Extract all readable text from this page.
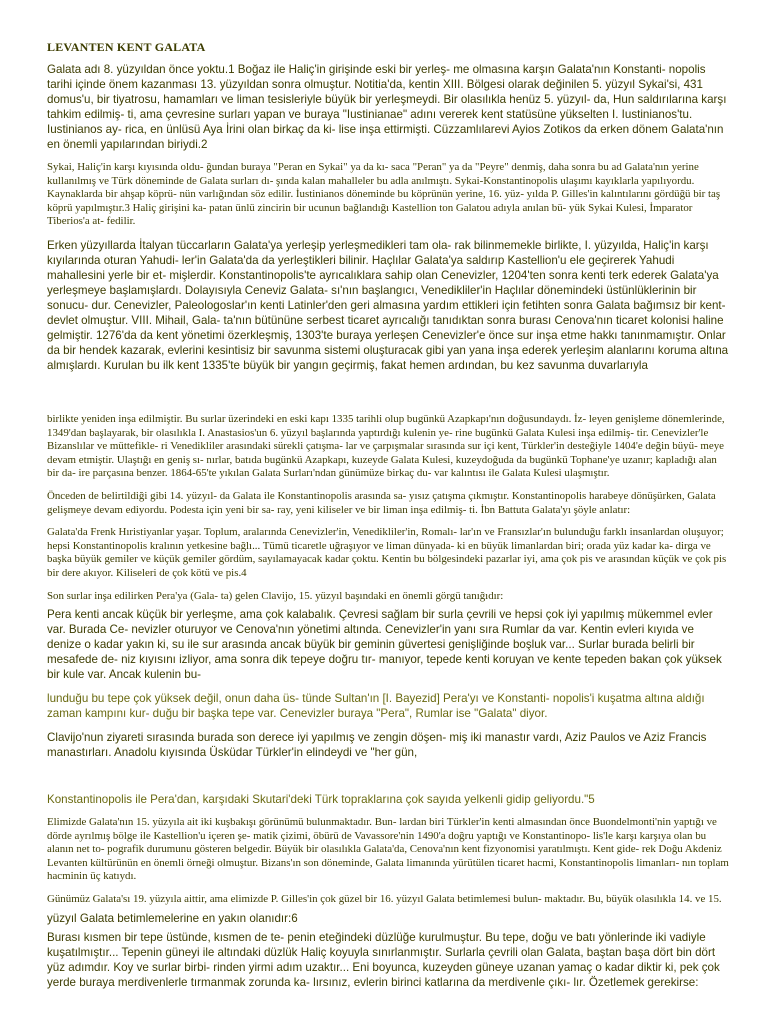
LEVANTEN KENT GALATA

Galata adı 8. yüzyıldan önce yoktu.1 Boğaz ile Haliç'in girişinde eski bir yerleş- me olmasına karşın Galata'nın Konstanti- nopolis tarihi içinde önem kazanması 13. yüzyıldan sonra olmuştur. Notitia'da, kentin XIII. Bölgesi olarak değinilen 5. yüzyıl Sykai'si, 431 domus'u, bir tiyatrosu, hamamları ve liman tesisleriyle büyük bir yerleşmeydi. Bir olasılıkla henüz 5. yüzyıl- da, Hun saldırılarına karşı tahkim edilmiş- ti, ama çevresine surları yapan ve buraya "Iustinianae" adını vererek kent statüsüne yükselten I. Iustinianos'tu. Iustinianos ay- rica, en ünlüsü Aya İrini olan birkaç da ki- lise inşa ettirmişti. Cüzzamlılarevi Ayios Zotikos da erken dönem Galata'nın en önemli yapılarından biriydi.2

Sykai, Haliç'in karşı kıyısında oldu- ğundan buraya "Peran en Sykai" ya da kı- saca "Peran" ya da "Peyre" denmiş, daha sonra bu ad Galata'nın yerine kullanılmış ve Türk döneminde de Galata surları dı- şında kalan mahalleler bu adla anılmıştı. Sykai-Konstantinopolis ulaşımı kayıklarla yapılıyordu. Kaynaklarda bir ahşap köprü- nün varlığından söz edilir. İustinianos döneminde bu köprünün yerine, 16. yüz- yılda P. Gilles'in kalıntılarını gördüğü bir taş köprü yapılmıştır.3 Haliç girişini ka- patan ünlü zincirin bir ucunun bağlandığı Kastellion ton Galatou adıyla anılan bü- yük Sykai Kulesi, İmparator Tiberios'a at- fedilir.

Erken yüzyıllarda İtalyan tüccarların Galata'ya yerleşip yerleşmedikleri tam ola- rak bilinmemekle birlikte, I. yüzyılda, Haliç'in karşı kıyılarında oturan Yahudi- ler'in Galata'da da yerleştikleri bilinir. Haçlılar Galata'ya saldırıp Kastellion'u ele geçirerek Yahudi mahallesini yerle bir et- mişlerdir. Konstantinopolis'te ayrıcalıklara sahip olan Cenevizler, 1204'ten sonra kenti terk ederek Galata'ya yerleşmeye başlamışlardı. Dolayısıyla Ceneviz Galata- sı'nın başlangıcı, Venedikliler'in Haçlılar dönemindeki üstünlüklerinin bir sonucu- dur. Cenevizler, Paleologoslar'ın kenti Latinler'den geri almasına yardım ettikleri için fetihten sonra Galata bağımsız bir kent-devlet olmuştur. VIII. Mihail, Gala- ta'nın bütününe serbest ticaret ayrıcalığı tanıdıktan sonra burası Cenova'nın ticaret kolonisi haline gelmiştir. 1276'da da kent yönetimi özerkleşmiş, 1303'te buraya yerleşen Cenevizler'e önce sur inşa etme hakkı tanınmamıştır. Onlar da bir hendek kazarak, evlerini kesintisiz bir savunma sistemi oluşturacak gibi yan yana inşa ederek yerleşim alanlarını koruma altına almışlardı. Kurulan bu ilk kent 1335'te büyük bir yangın geçirmiş, fakat hemen ardından, bu kez savunma duvarlarıyla

birlikte yeniden inşa edilmiştir. Bu surlar üzerindeki en eski kapı 1335 tarihli olup bugünkü Azapkapı'nın doğusundaydı. İz- leyen genişleme dönemlerinde, 1349'dan başlayarak, bir olasılıkla I. Anastasios'un 6. yüzyıl başlarında yaptırdığı kulenin ye- rine bugünkü Galata Kulesi inşa edilmiş- tir. Cenevizler'le Bizanslılar ve müttefikle- ri Venedikliler arasındaki sürekli çatışma- lar ve çarpışmalar sırasında sur içi kent, Türkler'in desteğiyle 1404'e değin büyü- meye devam etmiştir. Ulaştığı en geniş sı- nırlar, batıda bugünkü Azapkapı, kuzeyde Galata Kulesi, kuzeydoğuda da bugünkü Tophane'ye uzanır; kapladığı alan bir da- ire parçasına benzer. 1864-65'te yıkılan Galata Surları'ndan günümüze birkaç du- var kalıntısı ile Galata Kulesi ulaşmıştır.

Önceden de belirtildiği gibi 14. yüzyıl- da Galata ile Konstantinopolis arasında sa- yısız çatışma çıkmıştır. Konstantinopolis harabeye dönüşürken, Galata gelişmeye devam ediyordu. Podesta için yeni bir sa- ray, yeni kiliseler ve bir liman inşa edilmiş- ti. İbn Battuta Galata'yı şöyle anlatır:

Galata'da Frenk Hıristiyanlar yaşar. Toplum, aralarında Cenevizler'in, Venedikliler'in, Romalı- lar'ın ve Fransızlar'ın bulunduğu farklı insanlardan oluşuyor; hepsi Konstantinopolis kralının yetkesine bağlı... Tümü ticaretle uğraşıyor ve liman dünyada- ki en büyük limanlardan biri; orada yüz kadar ka- dirga ve başka büyük gemiler ve küçük gemiler gördüm, sayılamayacak kadar çoktu. Kentin bu bölgesindeki pazarlar iyi, ama çok pis ve arasından küçük ve çok pis bir dere akıyor. Kiliseleri de çok kötü ve pis.4

Son surlar inşa edilirken Pera'ya (Gala- ta) gelen Clavijo, 15. yüzyıl başındaki en önemli görgü tanığıdır:

Pera kenti ancak küçük bir yerleşme, ama çok kalabalık. Çevresi sağlam bir surla çevrili ve hepsi çok iyi yapılmış mükemmel evler var. Burada Ce- nevizler oturuyor ve Cenova'nın yönetimi altında. Cenevizler'in yanı sıra Rumlar da var. Kentin evleri kıyıda ve denize o kadar yakın ki, su ile sur arasında ancak büyük bir geminin güvertesi genişliğinde boşluk var... Surlar burada belirli bir mesafede de- niz kıyısını izliyor, ama sonra dik tepeye doğru tır- manıyor, tepede kenti koruyan ve kente tepeden bakan çok yüksek bir kule var. Ancak kulenin bu-

lunduğu bu tepe çok yüksek değil, onun daha üs- tünde Sultan'ın [I. Bayezid] Pera'yı ve Konstanti- nopolis'i kuşatma altına aldığı zaman kampını kur- duğu bir başka tepe var. Cenevizler buraya "Pera", Rumlar ise "Galata" diyor.

Clavijo'nun ziyareti sırasında burada son derece iyi yapılmış ve zengin döşen- miş iki manastır vardı, Aziz Paulos ve Aziz Francis manastırları. Anadolu kıyısında Üsküdar Türkler'in elindeydi ve "her gün,

Konstantinopolis ile Pera'dan, karşıdaki Skutari'deki Türk topraklarına çok sayıda yelkenli gidip geliyordu."5

Elimizde Galata'nın 15. yüzyıla ait iki kuşbakışı görünümü bulunmaktadır. Bun- lardan biri Türkler'in kenti almasından önce Buondelmonti'nin yaptığı ve dörde ayrılmış bölge ile Kastellion'u içeren şe- matik çizimi, öbürü de Vavassore'nin 1490'a doğru yaptığı ve Konstantinopo- lis'le karşı karşıya olan bu alanın net to- pografik durumunu gösteren belgedir. Büyük bir olasılıkla Galata'da, Cenova'nın kent fizyonomisi yaratılmıştı. Kent gide- rek Doğu Akdeniz Levanten kültürünün en önemli örneği olmuştur. Bizans'ın son döneminde, Galata limanında yürütülen ticaret hacmi, Konstantinopolis limanları- nın toplam hacminin üç katıydı.

Günümüz Galata'sı 19. yüzyıla aittir, ama elimizde P. Gilles'in çok güzel bir 16. yüzyıl Galata betimlemesi bulun- maktadır. Bu, büyük olasılıkla 14. ve 15.

yüzyıl Galata betimlemelerine en yakın olanıdır:6

Burası kısmen bir tepe üstünde, kısmen de te- penin eteğindeki düzlüğe kurulmuştur. Bu tepe, doğu ve batı yönlerinde iki vadiyle kuşatılmıştır... Tepenin güneyi ile altındaki düzlük Haliç koyuyla sınırlanmıştır. Surlarla çevrili olan Galata, baştan başa dört bin dört yüz adımdır. Koy ve surlar birbi- rinden yirmi adım uzaktır... Eni boyunca, kuzeyden güneye uzanan yamaç o kadar diktir ki, pek çok yerde buraya merdivenlerle tırmanmak zorunda ka- lırsınız, evlerin birinci katlarına da merdivenle çıkı- lır. Özetlemek gerekirse:
